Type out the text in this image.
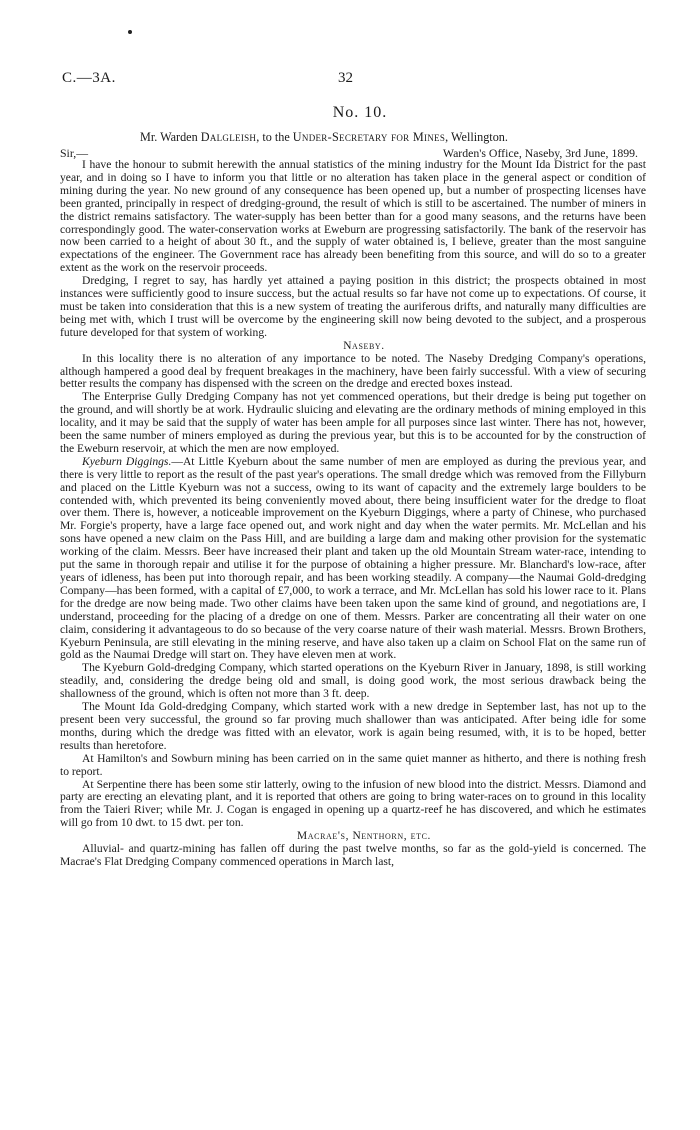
C.—3A.	32
No. 10.
Mr. Warden Dalgleish, to the Under-Secretary for Mines, Wellington.
Sir,—	Warden's Office, Naseby, 3rd June, 1899.

I have the honour to submit herewith the annual statistics of the mining industry for the Mount Ida District for the past year, and in doing so I have to inform you that little or no alteration has taken place in the general aspect or condition of mining during the year. No new ground of any consequence has been opened up, but a number of prospecting licenses have been granted, principally in respect of dredging-ground, the result of which is still to be ascertained. The number of miners in the district remains satisfactory. The water-supply has been better than for a good many seasons, and the returns have been correspondingly good. The water-conservation works at Eweburn are progressing satisfactorily. The bank of the reservoir has now been carried to a height of about 30 ft., and the supply of water obtained is, I believe, greater than the most sanguine expectations of the engineer. The Government race has already been benefiting from this source, and will do so to a greater extent as the work on the reservoir proceeds.

Dredging, I regret to say, has hardly yet attained a paying position in this district; the prospects obtained in most instances were sufficiently good to insure success, but the actual results so far have not come up to expectations. Of course, it must be taken into consideration that this is a new system of treating the auriferous drifts, and naturally many difficulties are being met with, which I trust will be overcome by the engineering skill now being devoted to the subject, and a prosperous future developed for that system of working.

Naseby.

In this locality there is no alteration of any importance to be noted. The Naseby Dredging Company's operations, although hampered a good deal by frequent breakages in the machinery, have been fairly successful. With a view of securing better results the company has dispensed with the screen on the dredge and erected boxes instead.

The Enterprise Gully Dredging Company has not yet commenced operations, but their dredge is being put together on the ground, and will shortly be at work. Hydraulic sluicing and elevating are the ordinary methods of mining employed in this locality, and it may be said that the supply of water has been ample for all purposes since last winter. There has not, however, been the same number of miners employed as during the previous year, but this is to be accounted for by the construction of the Eweburn reservoir, at which the men are now employed.

Kyeburn Diggings.—At Little Kyeburn about the same number of men are employed as during the previous year, and there is very little to report as the result of the past year's operations. The small dredge which was removed from the Fillyburn and placed on the Little Kyeburn was not a success, owing to its want of capacity and the extremely large boulders to be contended with, which prevented its being conveniently moved about, there being insufficient water for the dredge to float over them. There is, however, a noticeable improvement on the Kyeburn Diggings, where a party of Chinese, who purchased Mr. Forgie's property, have a large face opened out, and work night and day when the water permits. Mr. McLellan and his sons have opened a new claim on the Pass Hill, and are building a large dam and making other provision for the systematic working of the claim. Messrs. Beer have increased their plant and taken up the old Mountain Stream water-race, intending to put the same in thorough repair and utilise it for the purpose of obtaining a higher pressure. Mr. Blanchard's low-race, after years of idleness, has been put into thorough repair, and has been working steadily. A company—the Naumai Gold-dredging Company—has been formed, with a capital of £7,000, to work a terrace, and Mr. McLellan has sold his lower race to it. Plans for the dredge are now being made. Two other claims have been taken upon the same kind of ground, and negotiations are, I understand, proceeding for the placing of a dredge on one of them. Messrs. Parker are concentrating all their water on one claim, considering it advantageous to do so because of the very coarse nature of their wash material. Messrs. Brown Brothers, Kyeburn Peninsula, are still elevating in the mining reserve, and have also taken up a claim on School Flat on the same run of gold as the Naumai Dredge will start on. They have eleven men at work.

The Kyeburn Gold-dredging Company, which started operations on the Kyeburn River in January, 1898, is still working steadily, and, considering the dredge being old and small, is doing good work, the most serious drawback being the shallowness of the ground, which is often not more than 3 ft. deep.

The Mount Ida Gold-dredging Company, which started work with a new dredge in September last, has not up to the present been very successful, the ground so far proving much shallower than was anticipated. After being idle for some months, during which the dredge was fitted with an elevator, work is again being resumed, with, it is to be hoped, better results than heretofore.

At Hamilton's and Sowburn mining has been carried on in the same quiet manner as hitherto, and there is nothing fresh to report.

At Serpentine there has been some stir latterly, owing to the infusion of new blood into the district. Messrs. Diamond and party are erecting an elevating plant, and it is reported that others are going to bring water-races on to ground in this locality from the Taieri River; while Mr. J. Cogan is engaged in opening up a quartz-reef he has discovered, and which he estimates will go from 10 dwt. to 15 dwt. per ton.

Macrae's, Nenthorn, etc.

Alluvial- and quartz-mining has fallen off during the past twelve months, so far as the gold-yield is concerned. The Macrae's Flat Dredging Company commenced operations in March last,
